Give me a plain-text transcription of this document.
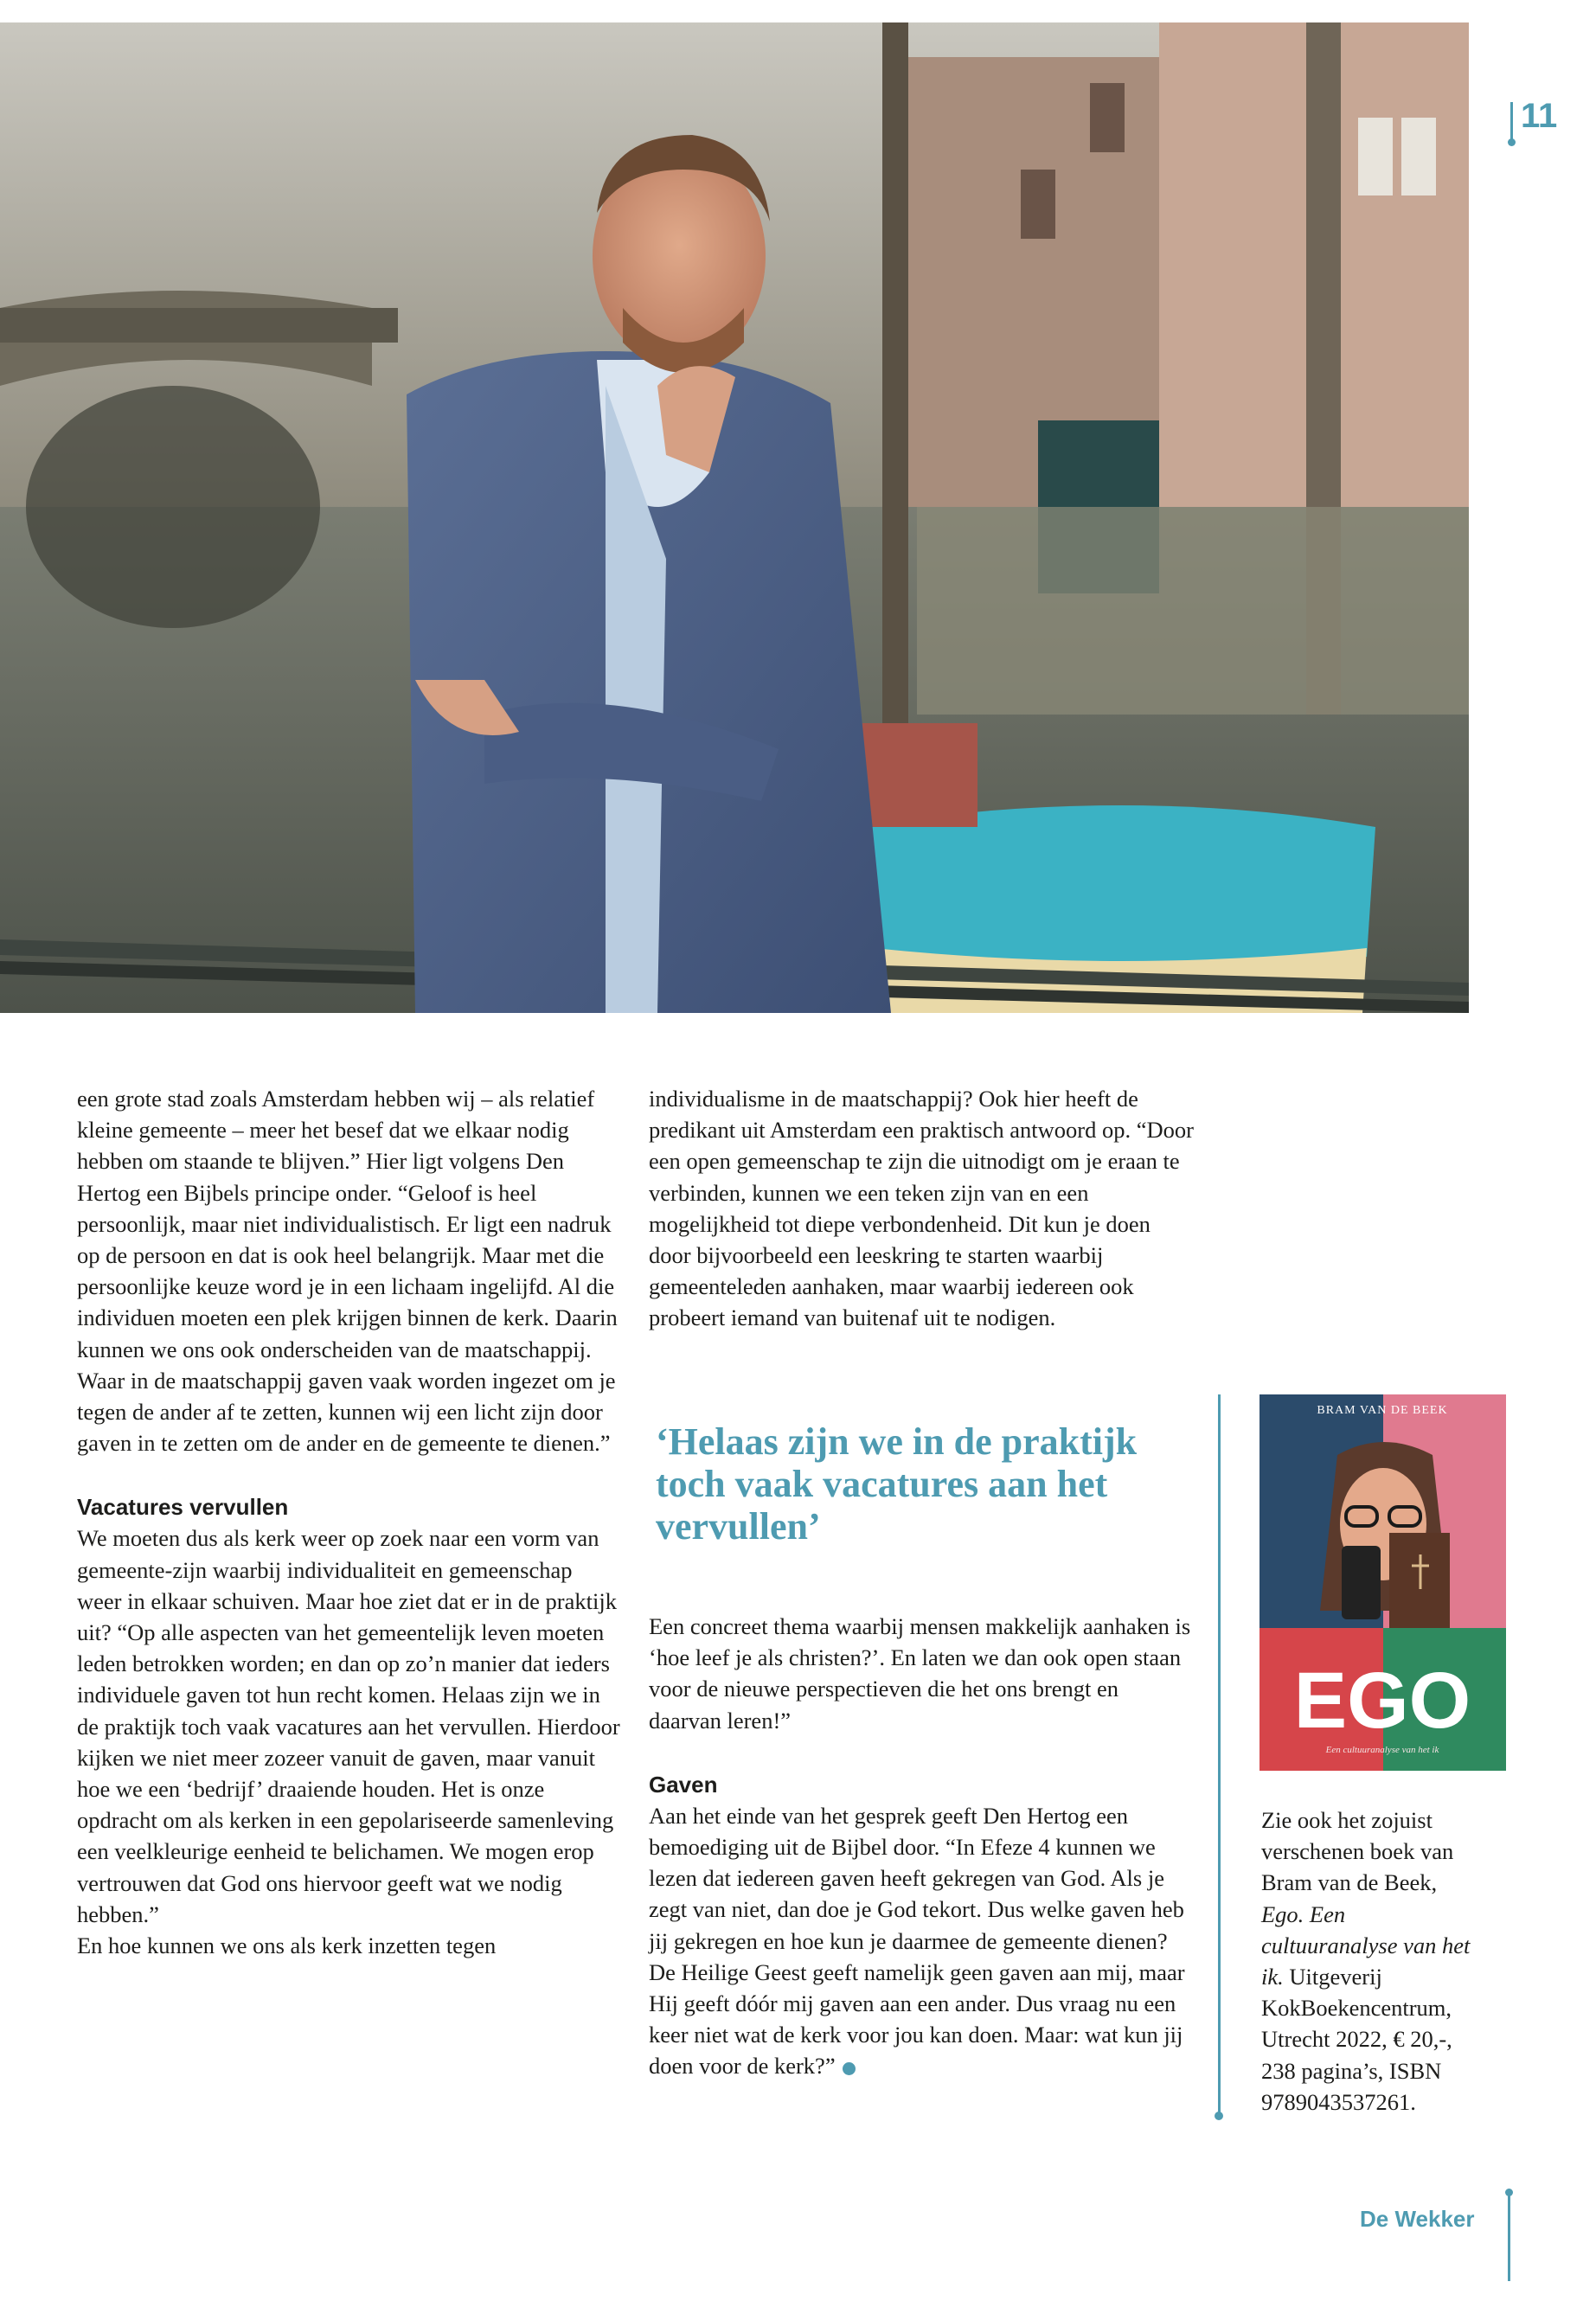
11

een grote stad zoals Amsterdam hebben wij – als relatief kleine gemeente – meer het besef dat we elkaar nodig hebben om staande te blijven.” Hier ligt volgens Den Hertog een Bijbels principe onder. “Geloof is heel persoonlijk, maar niet individualistisch. Er ligt een nadruk op de persoon en dat is ook heel belangrijk. Maar met die persoonlijke keuze word je in een lichaam ingelijfd. Al die individuen moeten een plek krijgen binnen de kerk. Daarin kunnen we ons ook onderscheiden van de maatschappij. Waar in de maatschappij gaven vaak worden ingezet om je tegen de ander af te zetten, kunnen wij een licht zijn door gaven in te zetten om de ander en de gemeente te dienen.”

Vacatures vervullen

We moeten dus als kerk weer op zoek naar een vorm van gemeente-zijn waarbij individualiteit en gemeenschap weer in elkaar schuiven. Maar hoe ziet dat er in de praktijk uit? “Op alle aspecten van het gemeentelijk leven moeten leden betrokken worden; en dan op zo’n manier dat ieders individuele gaven tot hun recht komen. Helaas zijn we in de praktijk toch vaak vacatures aan het vervullen. Hierdoor kijken we niet meer zozeer vanuit de gaven, maar vanuit hoe we een ‘bedrijf’ draaiende houden. Het is onze opdracht om als kerken in een gepolariseerde samenleving een veelkleurige eenheid te belichamen. We mogen erop vertrouwen dat God ons hiervoor geeft wat we nodig hebben.”

En hoe kunnen we ons als kerk inzetten tegen

individualisme in de maatschappij? Ook hier heeft de predikant uit Amsterdam een praktisch antwoord op. “Door een open gemeenschap te zijn die uitnodigt om je eraan te verbinden, kunnen we een teken zijn van en een mogelijkheid tot diepe verbondenheid. Dit kun je doen door bijvoorbeeld een leeskring te starten waarbij gemeenteleden aanhaken, maar waarbij iedereen ook probeert iemand van buitenaf uit te nodigen.

‘Helaas zijn we in de praktijk toch vaak vacatures aan het vervullen’

Een concreet thema waarbij mensen makkelijk aanhaken is ‘hoe leef je als christen?’. En laten we dan ook open staan voor de nieuwe perspectieven die het ons brengt en daarvan leren!”

Gaven

Aan het einde van het gesprek geeft Den Hertog een bemoediging uit de Bijbel door. “In Efeze 4 kunnen we lezen dat iedereen gaven heeft gekregen van God. Als je zegt van niet, dan doe je God tekort. Dus welke gaven heb jij gekregen en hoe kun je daarmee de gemeente dienen? De Heilige Geest geeft namelijk geen gaven aan mij, maar Hij geeft dóór mij gaven aan een ander. Dus vraag nu een keer niet wat de kerk voor jou kan doen. Maar: wat kun jij doen voor de kerk?”

BRAM VAN DE BEEK
EGO
Een cultuuranalyse van het ik

Zie ook het zojuist verschenen boek van Bram van de Beek, Ego. Een cultuuranalyse van het ik. Uitgeverij KokBoekencentrum, Utrecht 2022, € 20,-, 238 pagina’s, ISBN 9789043537261.

De Wekker
